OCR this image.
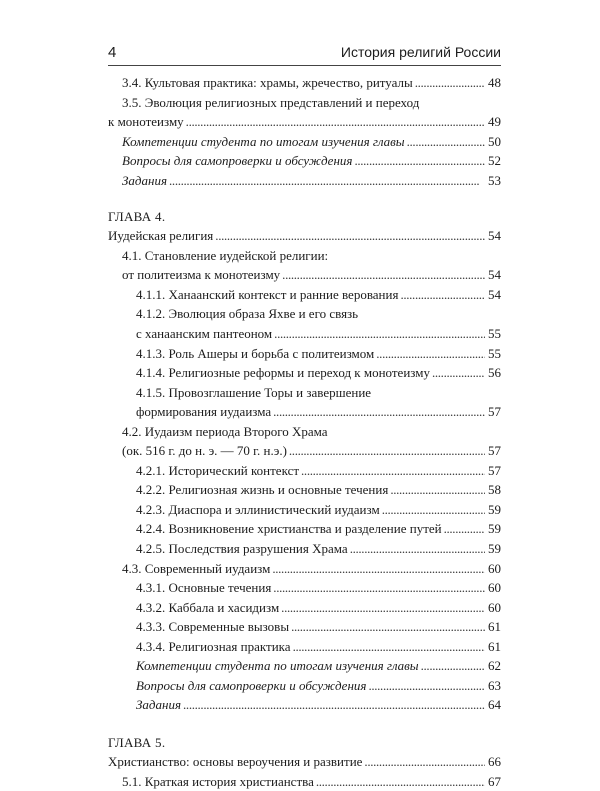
4	История религий России
3.4. Культовая практика: храмы, жречество, ритуалы . . .	48
3.5. Эволюция религиозных представлений и переход
к монотеизму . . .	49
Компетенции студента по итогам изучения главы . . .	50
Вопросы для самопроверки и обсуждения . . .	52
Задания . . .	53
ГЛАВА 4.
Иудейская религия . . .	54
4.1. Становление иудейской религии:
от политеизма к монотеизму . . .	54
4.1.1. Ханаанский контекст и ранние верования . . .	54
4.1.2. Эволюция образа Яхве и его связь
с ханаанским пантеоном . . .	55
4.1.3. Роль Ашеры и борьба с политеизмом . . .	55
4.1.4. Религиозные реформы и переход к монотеизму . . .	56
4.1.5. Провозглашение Торы и завершение
формирования иудаизма . . .	57
4.2. Иудаизм периода Второго Храма
(ок. 516 г. до н. э. — 70 г. н.э.) . . .	57
4.2.1. Исторический контекст . . .	57
4.2.2. Религиозная жизнь и основные течения . . .	58
4.2.3. Диаспора и эллинистический иудаизм . . .	59
4.2.4. Возникновение христианства и разделение путей . . .	59
4.2.5. Последствия разрушения Храма . . .	59
4.3. Современный иудаизм . . .	60
4.3.1. Основные течения . . .	60
4.3.2. Каббала и хасидизм . . .	60
4.3.3. Современные вызовы . . .	61
4.3.4. Религиозная практика . . .	61
Компетенции студента по итогам изучения главы . . .	62
Вопросы для самопроверки и обсуждения . . .	63
Задания . . .	64
ГЛАВА 5.
Христианство: основы вероучения и развитие . . .	66
5.1. Краткая история христианства . . .	67
